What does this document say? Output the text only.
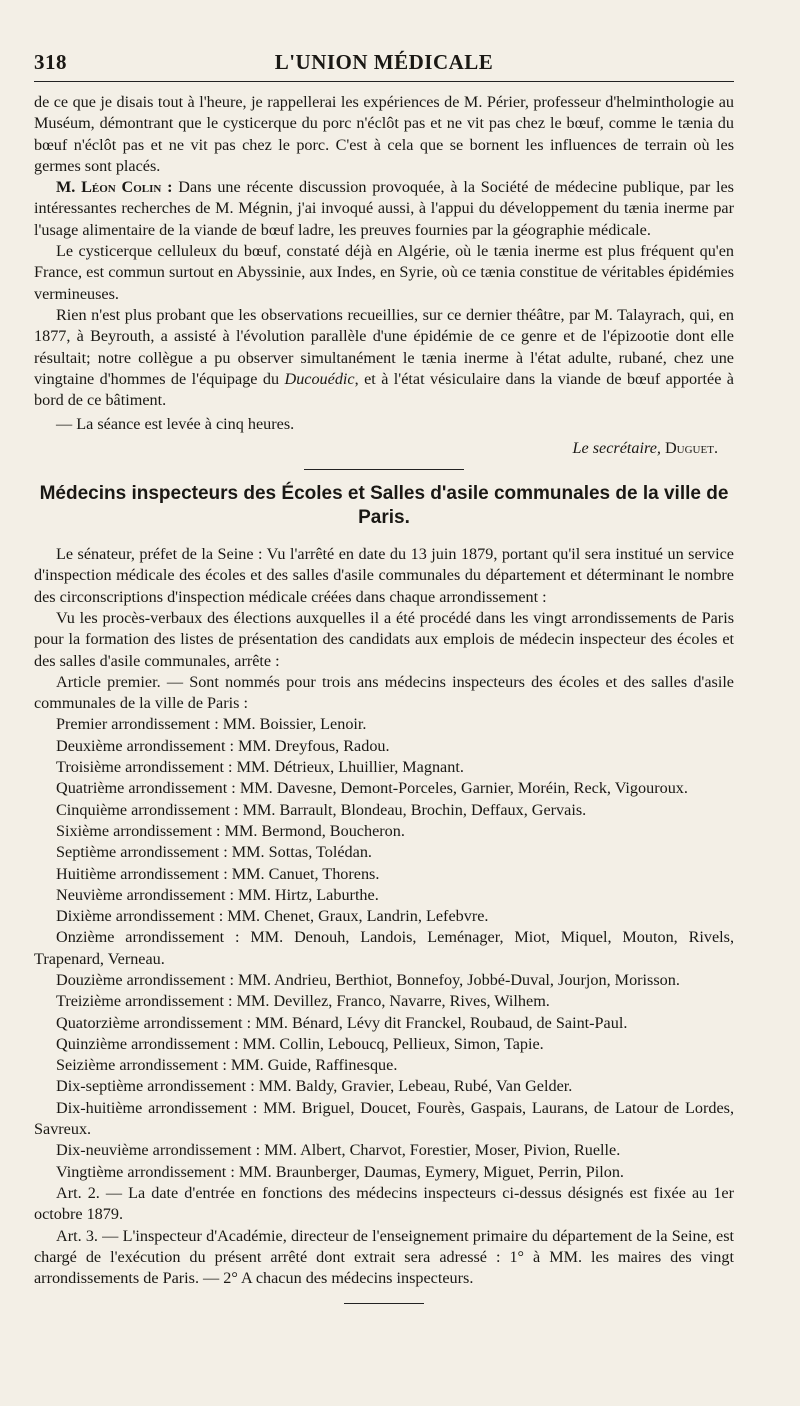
318	L'UNION MÉDICALE

de ce que je disais tout à l'heure, je rappellerai les expériences de M. Périer, professeur d'helminthologie au Muséum, démontrant que le cysticerque du porc n'éclôt pas et ne vit pas chez le bœuf, comme le tænia du bœuf n'éclôt pas et ne vit pas chez le porc. C'est à cela que se bornent les influences de terrain où les germes sont placés.

M. Léon Colin : Dans une récente discussion provoquée, à la Société de médecine publique, par les intéressantes recherches de M. Mégnin, j'ai invoqué aussi, à l'appui du développement du tænia inerme par l'usage alimentaire de la viande de bœuf ladre, les preuves fournies par la géographie médicale.

Le cysticerque celluleux du bœuf, constaté déjà en Algérie, où le tænia inerme est plus fréquent qu'en France, est commun surtout en Abyssinie, aux Indes, en Syrie, où ce tænia constitue de véritables épidémies vermineuses.

Rien n'est plus probant que les observations recueillies, sur ce dernier théâtre, par M. Talayrach, qui, en 1877, à Beyrouth, a assisté à l'évolution parallèle d'une épidémie de ce genre et de l'épizootie dont elle résultait; notre collègue a pu observer simultanément le tænia inerme à l'état adulte, rubané, chez une vingtaine d'hommes de l'équipage du Ducouédic, et à l'état vésiculaire dans la viande de bœuf apportée à bord de ce bâtiment.

— La séance est levée à cinq heures.

Le secrétaire, Duguet.

Médecins inspecteurs des Écoles et Salles d'asile communales de la ville de Paris.

Le sénateur, préfet de la Seine : Vu l'arrêté en date du 13 juin 1879, portant qu'il sera institué un service d'inspection médicale des écoles et des salles d'asile communales du département et déterminant le nombre des circonscriptions d'inspection médicale créées dans chaque arrondissement :

Vu les procès-verbaux des élections auxquelles il a été procédé dans les vingt arrondissements de Paris pour la formation des listes de présentation des candidats aux emplois de médecin inspecteur des écoles et des salles d'asile communales, arrête :

Article premier. — Sont nommés pour trois ans médecins inspecteurs des écoles et des salles d'asile communales de la ville de Paris :

Premier arrondissement : MM. Boissier, Lenoir.

Deuxième arrondissement : MM. Dreyfous, Radou.

Troisième arrondissement : MM. Détrieux, Lhuillier, Magnant.

Quatrième arrondissement : MM. Davesne, Demont-Porceles, Garnier, Moréin, Reck, Vigouroux.

Cinquième arrondissement : MM. Barrault, Blondeau, Brochin, Deffaux, Gervais.

Sixième arrondissement : MM. Bermond, Boucheron.

Septième arrondissement : MM. Sottas, Tolédan.

Huitième arrondissement : MM. Canuet, Thorens.

Neuvième arrondissement : MM. Hirtz, Laburthe.

Dixième arrondissement : MM. Chenet, Graux, Landrin, Lefebvre.

Onzième arrondissement : MM. Denouh, Landois, Leménager, Miot, Miquel, Mouton, Rivels, Trapenard, Verneau.

Douzième arrondissement : MM. Andrieu, Berthiot, Bonnefoy, Jobbé-Duval, Jourjon, Morisson.

Treizième arrondissement : MM. Devillez, Franco, Navarre, Rives, Wilhem.

Quatorzième arrondissement : MM. Bénard, Lévy dit Franckel, Roubaud, de Saint-Paul.

Quinzième arrondissement : MM. Collin, Leboucq, Pellieux, Simon, Tapie.

Seizième arrondissement : MM. Guide, Raffinesque.

Dix-septième arrondissement : MM. Baldy, Gravier, Lebeau, Rubé, Van Gelder.

Dix-huitième arrondissement : MM. Briguel, Doucet, Fourès, Gaspais, Laurans, de Latour de Lordes, Savreux.

Dix-neuvième arrondissement : MM. Albert, Charvot, Forestier, Moser, Pivion, Ruelle.

Vingtième arrondissement : MM. Braunberger, Daumas, Eymery, Miguet, Perrin, Pilon.

Art. 2. — La date d'entrée en fonctions des médecins inspecteurs ci-dessus désignés est fixée au 1er octobre 1879.

Art. 3. — L'inspecteur d'Académie, directeur de l'enseignement primaire du département de la Seine, est chargé de l'exécution du présent arrêté dont extrait sera adressé : 1° à MM. les maires des vingt arrondissements de Paris. — 2° A chacun des médecins inspecteurs.
